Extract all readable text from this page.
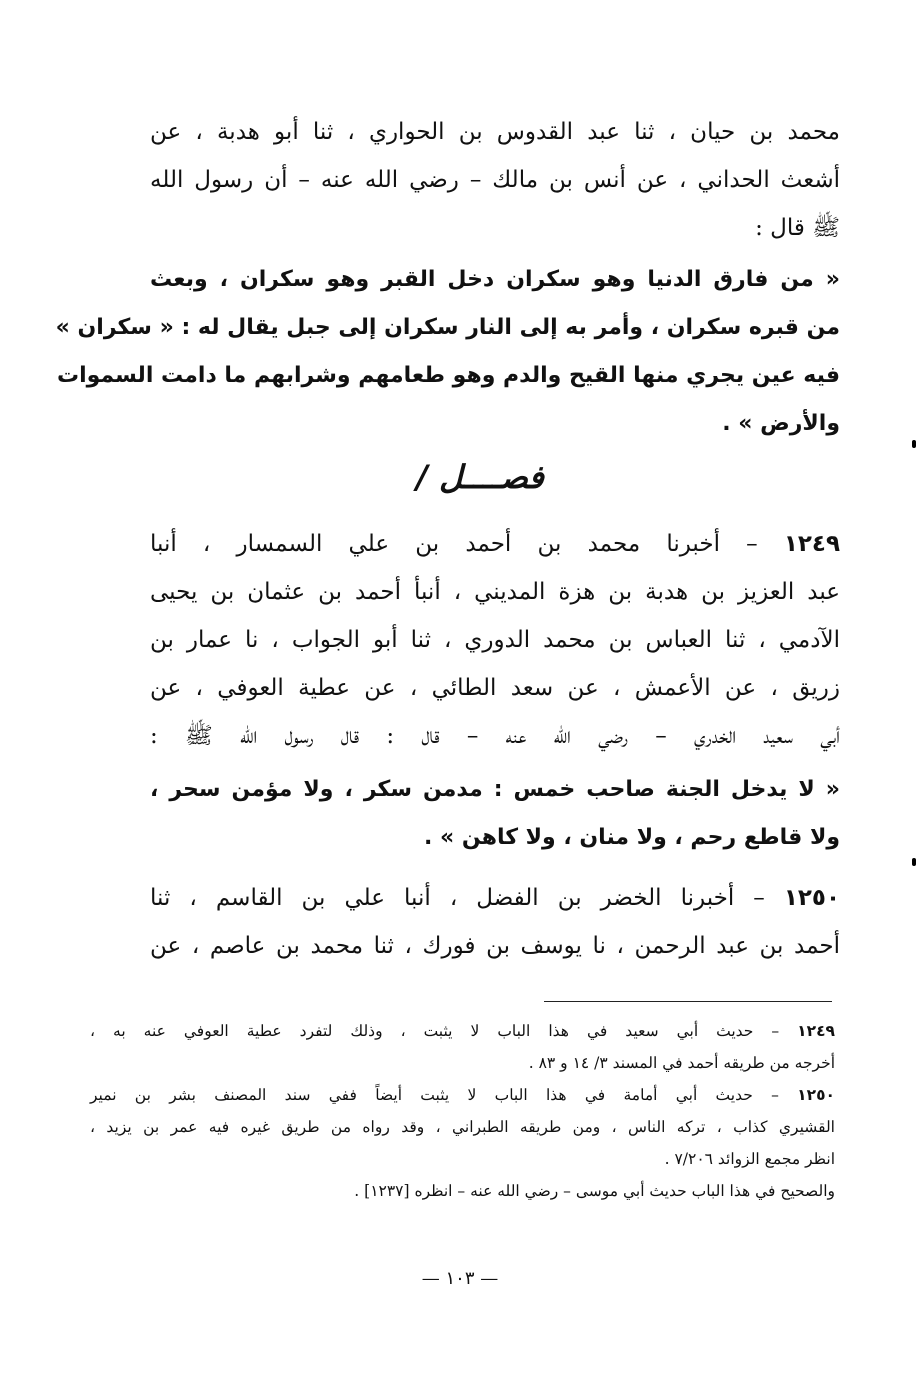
محمد بن حيان ، ثنا عبد القدوس بن الحواري ، ثنا أبو هدبة ، عن
أشعث الحداني ، عن أنس بن مالك – رضي الله عنه – أن رسول الله
ﷺ قال :
« من فارق الدنيا وهو سكران دخل القبر وهو سكران ، وبعث
من قبره سكران ، وأمر به إلى النار سكران إلى جبل يقال له : « سكران »
فيه عين يجري منها القيح والدم وهو طعامهم وشرابهم ما دامت السموات
والأرض » .
فصــــل /
١٢٤٩ – أخبرنا محمد بن أحمد بن علي السمسار ، أنبا
عبد العزيز بن هدبة بن هزة المديني ، أنبأ أحمد بن عثمان بن يحيى
الآدمي ، ثنا العباس بن محمد الدوري ، ثنا أبو الجواب ، نا عمار بن
زريق ، عن الأعمش ، عن سعد الطائي ، عن عطية العوفي ، عن
أبي سعيد الخدري – رضي الله عنه – قال : قال رسول الله ﷺ :
« لا يدخل الجنة صاحب خمس : مدمن سكر ، ولا مؤمن سحر ،
ولا قاطع رحم ، ولا منان ، ولا كاهن » .
١٢٥٠ – أخبرنا الخضر بن الفضل ، أنبا علي بن القاسم ، ثنا
أحمد بن عبد الرحمن ، نا يوسف بن فورك ، ثنا محمد بن عاصم ، عن
١٢٤٩ – حديث أبي سعيد في هذا الباب لا يثبت ، وذلك لتفرد عطية العوفي عنه به ،
أخرجه من طريقه أحمد في المسند ٣/ ١٤ و ٨٣ .
١٢٥٠ – حديث أبي أمامة في هذا الباب لا يثبت أيضاً ففي سند المصنف بشر بن نمير
القشيري كذاب ، تركه الناس ، ومن طريقه الطبراني ، وقد رواه من طريق غيره فيه عمر بن يزيد ،
انظر مجمع الزوائد ٧/٢٠٦ .
والصحيح في هذا الباب حديث أبي موسى – رضي الله عنه – انظره [١٢٣٧] .
— ١٠٣ —
